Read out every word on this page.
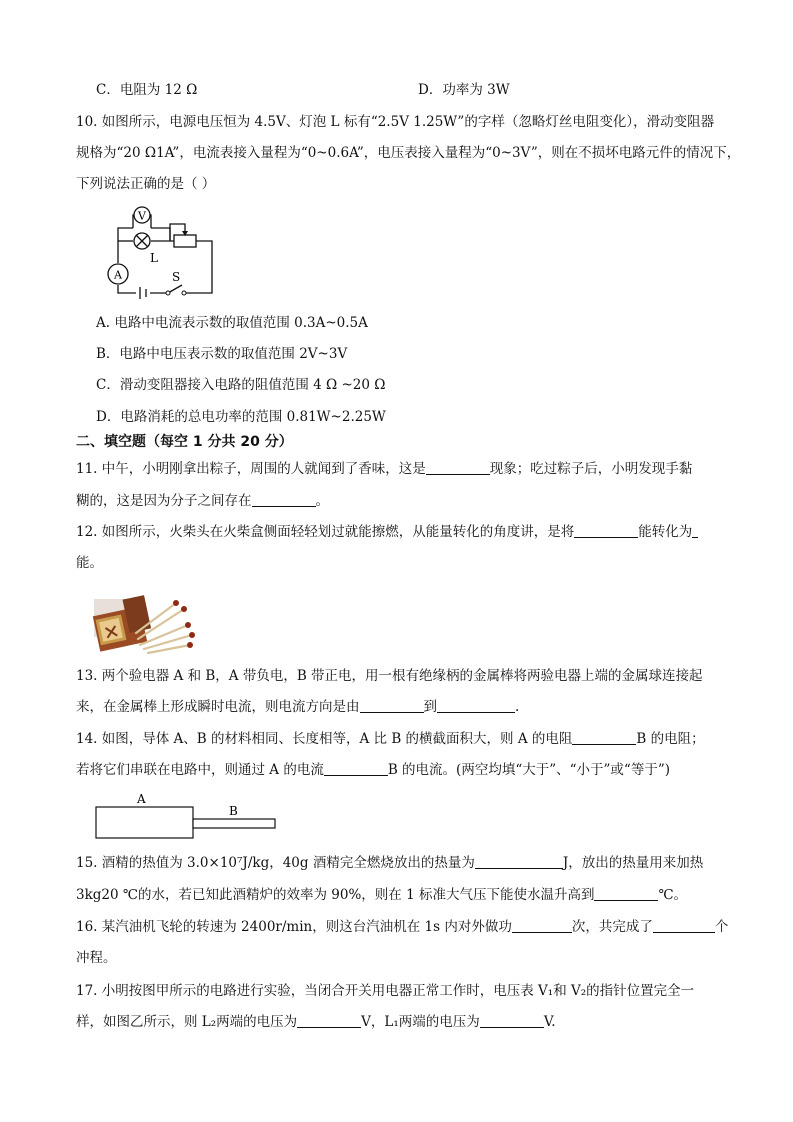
C．电阻为 12 Ω	D．功率为 3W
10. 如图所示，电源电压恒为 4.5V、灯泡 L 标有“2.5V 1.25W”的字样（忽略灯丝电阻变化），滑动变阻器
规格为“20 Ω1A”，电流表接入量程为“0~0.6A”，电压表接入量程为“0~3V”，则在不损坏电路元件的情况下，
下列说法正确的是（ ）
V
A
L
S
A. 电路中电流表示数的取值范围 0.3A~0.5A
B．电路中电压表示数的取值范围 2V~3V
C．滑动变阻器接入电路的阻值范围 4 Ω ~20 Ω
D．电路消耗的总电功率的范围 0.81W~2.25W
二、填空题（每空 1 分共 20 分）
11. 中午，小明刚拿出粽子，周围的人就闻到了香味，这是	现象；吃过粽子后，小明发现手黏
糊的，这是因为分子之间存在	。
12. 如图所示，火柴头在火柴盒侧面轻轻划过就能擦燃，从能量转化的角度讲，是将	能转化为
能。
13. 两个验电器 A 和 B，A 带负电，B 带正电，用一根有绝缘柄的金属棒将两验电器上端的金属球连接起
来，在金属棒上形成瞬时电流，则电流方向是由	到	.
14. 如图，导体 A、B 的材料相同、长度相等，A 比 B 的横截面积大，则 A 的电阻	B 的电阻；
若将它们串联在电路中，则通过 A 的电流	B 的电流。(两空均填“大于”、“小于”或“等于”)
A
B
15. 酒精的热值为 3.0×10⁷J/kg，40g 酒精完全燃烧放出的热量为	J，放出的热量用来加热
3kg20 ℃的水，若已知此酒精炉的效率为 90%，则在 1 标准大气压下能使水温升高到	℃。
16. 某汽油机飞轮的转速为 2400r/min，则这台汽油机在 1s 内对外做功	次，共完成了	个
冲程。
17. 小明按图甲所示的电路进行实验，当闭合开关用电器正常工作时，电压表 V₁和 V₂的指针位置完全一
样，如图乙所示，则 L₂两端的电压为	V，L₁两端的电压为	V.
